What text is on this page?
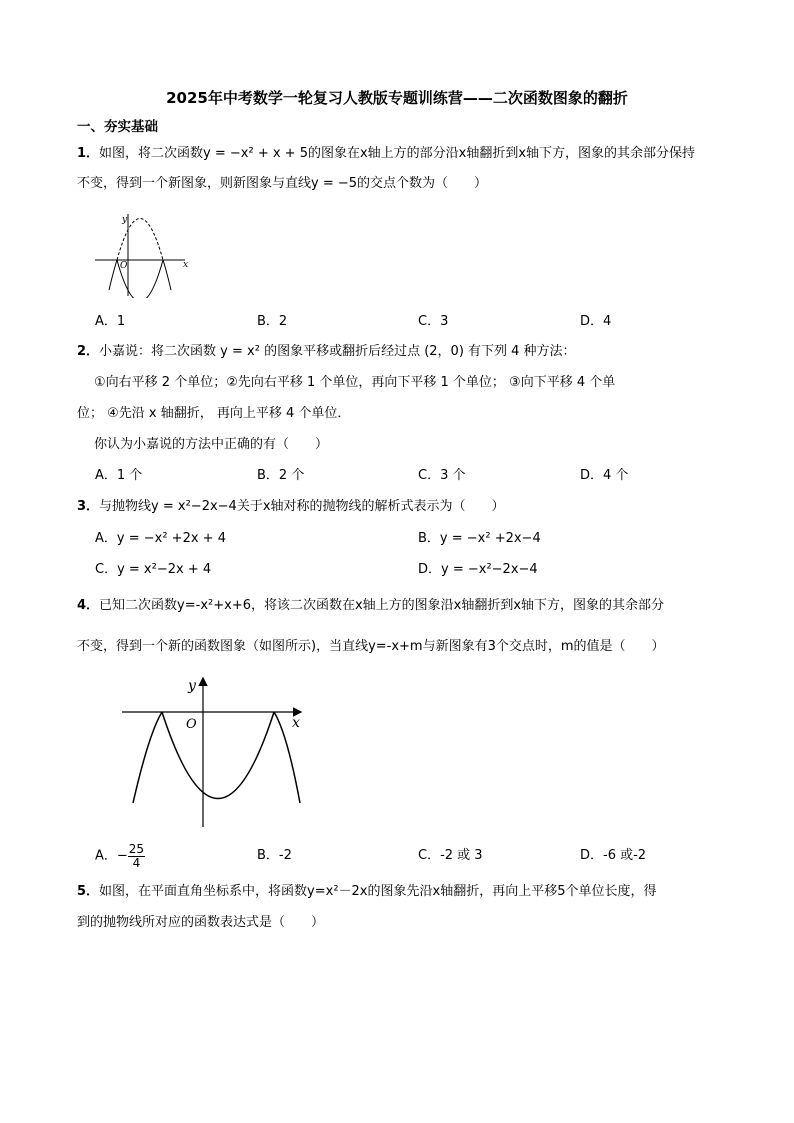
2025年中考数学一轮复习人教版专题训练营——二次函数图象的翻折
一、夯实基础
1．如图，将二次函数y = −x² + x + 5的图象在x轴上方的部分沿x轴翻折到x轴下方，图象的其余部分保持
不变，得到一个新图象，则新图象与直线y = −5的交点个数为（　　）
y
x
O
A．1	B．2	C．3	D．4
2．小嘉说：将二次函数 y = x² 的图象平移或翻折后经过点 (2，0) 有下列 4 种方法：
①向右平移 2 个单位；②先向右平移 1 个单位，再向下平移 1 个单位； ③向下平移 4 个单
位； ④先沿 x 轴翻折， 再向上平移 4 个单位．
你认为小嘉说的方法中正确的有（　　）
A．1 个	B．2 个	C．3 个	D．4 个
3．与抛物线y = x²−2x−4关于x轴对称的抛物线的解析式表示为（　　）
A．y = −x² +2x + 4	B．y = −x² +2x−4
C．y = x²−2x + 4	D．y = −x²−2x−4
4．已知二次函数y=-x²+x+6，将该二次函数在x轴上方的图象沿x轴翻折到x轴下方，图象的其余部分
不变，得到一个新的函数图象（如图所示)，当直线y=-x+m与新图象有3个交点时，m的值是（　　）
y
x
O
A．− $\frac{25}{4}$	B．-2	C．-2 或 3	D．-6 或-2
5．如图，在平面直角坐标系中，将函数y=x²－2x的图象先沿x轴翻折，再向上平移5个单位长度，得
到的抛物线所对应的函数表达式是（　　）
